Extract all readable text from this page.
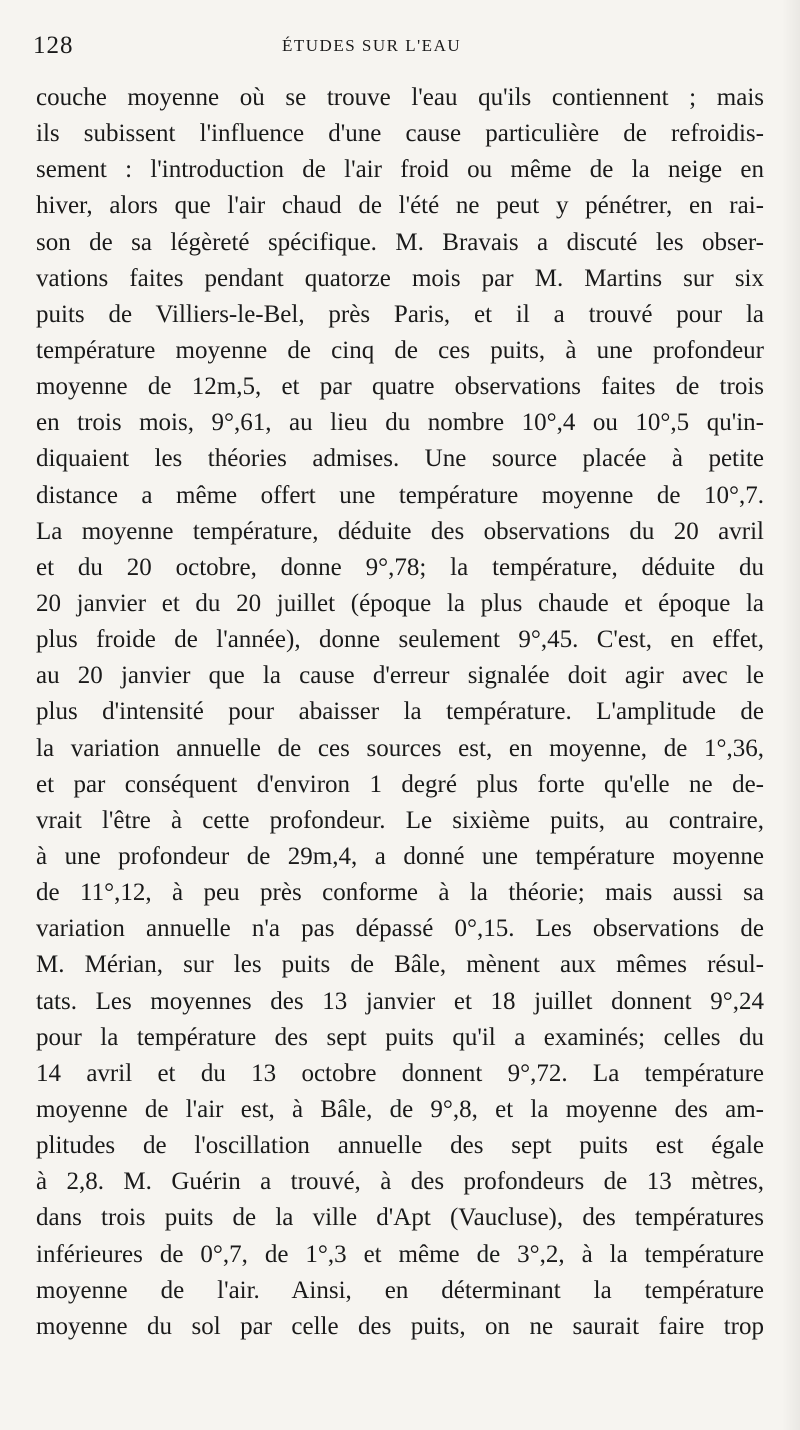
128	ÉTUDES SUR L'EAU
couche moyenne où se trouve l'eau qu'ils contiennent ; mais
ils subissent l'influence d'une cause particulière de refroidis-
sement : l'introduction de l'air froid ou même de la neige en
hiver, alors que l'air chaud de l'été ne peut y pénétrer, en rai-
son de sa légèreté spécifique. M. Bravais a discuté les obser-
vations faites pendant quatorze mois par M. Martins sur six
puits de Villiers-le-Bel, près Paris, et il a trouvé pour la
température moyenne de cinq de ces puits, à une profondeur
moyenne de 12m,5, et par quatre observations faites de trois
en trois mois, 9°,61, au lieu du nombre 10°,4 ou 10°,5 qu'in-
diquaient les théories admises. Une source placée à petite
distance a même offert une température moyenne de 10°,7.
La moyenne température, déduite des observations du 20 avril
et du 20 octobre, donne 9°,78; la température, déduite du
20 janvier et du 20 juillet (époque la plus chaude et époque la
plus froide de l'année), donne seulement 9°,45. C'est, en effet,
au 20 janvier que la cause d'erreur signalée doit agir avec le
plus d'intensité pour abaisser la température. L'amplitude de
la variation annuelle de ces sources est, en moyenne, de 1°,36,
et par conséquent d'environ 1 degré plus forte qu'elle ne de-
vrait l'être à cette profondeur. Le sixième puits, au contraire,
à une profondeur de 29m,4, a donné une température moyenne
de 11°,12, à peu près conforme à la théorie; mais aussi sa
variation annuelle n'a pas dépassé 0°,15. Les observations de
M. Mérian, sur les puits de Bâle, mènent aux mêmes résul-
tats. Les moyennes des 13 janvier et 18 juillet donnent 9°,24
pour la température des sept puits qu'il a examinés; celles du
14 avril et du 13 octobre donnent 9°,72. La température
moyenne de l'air est, à Bâle, de 9°,8, et la moyenne des am-
plitudes de l'oscillation annuelle des sept puits est égale
à 2,8. M. Guérin a trouvé, à des profondeurs de 13 mètres,
dans trois puits de la ville d'Apt (Vaucluse), des températures
inférieures de 0°,7, de 1°,3 et même de 3°,2, à la température
moyenne de l'air. Ainsi, en déterminant la température
moyenne du sol par celle des puits, on ne saurait faire trop
